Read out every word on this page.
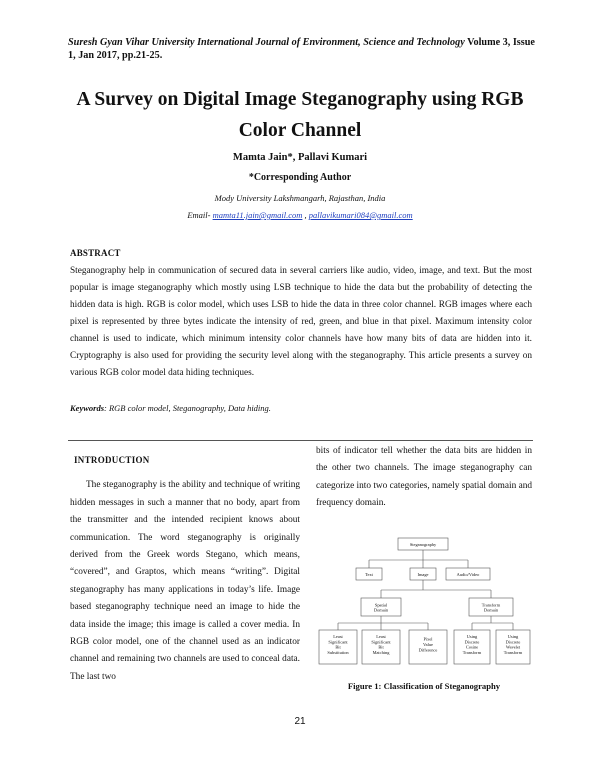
Suresh Gyan Vihar University International Journal of Environment, Science and Technology Volume 3, Issue 1, Jan 2017, pp.21-25.
A Survey on Digital Image Steganography using RGB Color Channel
Mamta Jain*, Pallavi Kumari
*Corresponding Author
Mody University Lakshmangarh, Rajasthan, India
Email- mamta11.jain@gmail.com , pallavikumari084@gmail.com
ABSTRACT
Steganography help in communication of secured data in several carriers like audio, video, image, and text. But the most popular is image steganography which mostly using LSB technique to hide the data but the probability of detecting the hidden data is high. RGB is color model, which uses LSB to hide the data in three color channel. RGB images where each pixel is represented by three bytes indicate the intensity of red, green, and blue in that pixel. Maximum intensity color channel is used to indicate, which minimum intensity color channels have how many bits of data are hidden into it. Cryptography is also used for providing the security level along with the steganography. This article presents a survey on various RGB color model data hiding techniques.
Keywords: RGB color model, Steganography, Data hiding.
INTRODUCTION

The steganography is the ability and technique of writing hidden messages in such a manner that no body, apart from the transmitter and the intended recipient knows about communication. The word steganography is originally derived from the Greek words Stegano, which means, “covered”, and Graptos, which means “writing”. Digital steganography has many applications in today’s life. Image based steganography technique need an image to hide the data inside the image; this image is called a cover media. In RGB color model, one of the channel used as an indicator channel and remaining two channels are used to conceal data. The last two

bits of indicator tell whether the data bits are hidden in the other two channels. The image steganography can categorize into two categories, namely spatial domain and frequency domain.
Steganography
Text	Image	Audio/Video
Spatial Domain
Transform Domain
Least Significant Bit Substitution
Least Significant Bit Matching
Pixel Value Difference
Using Discrete Cosine Transform
Using Discrete Wavelet Transform
Figure 1: Classification of Steganography
21
